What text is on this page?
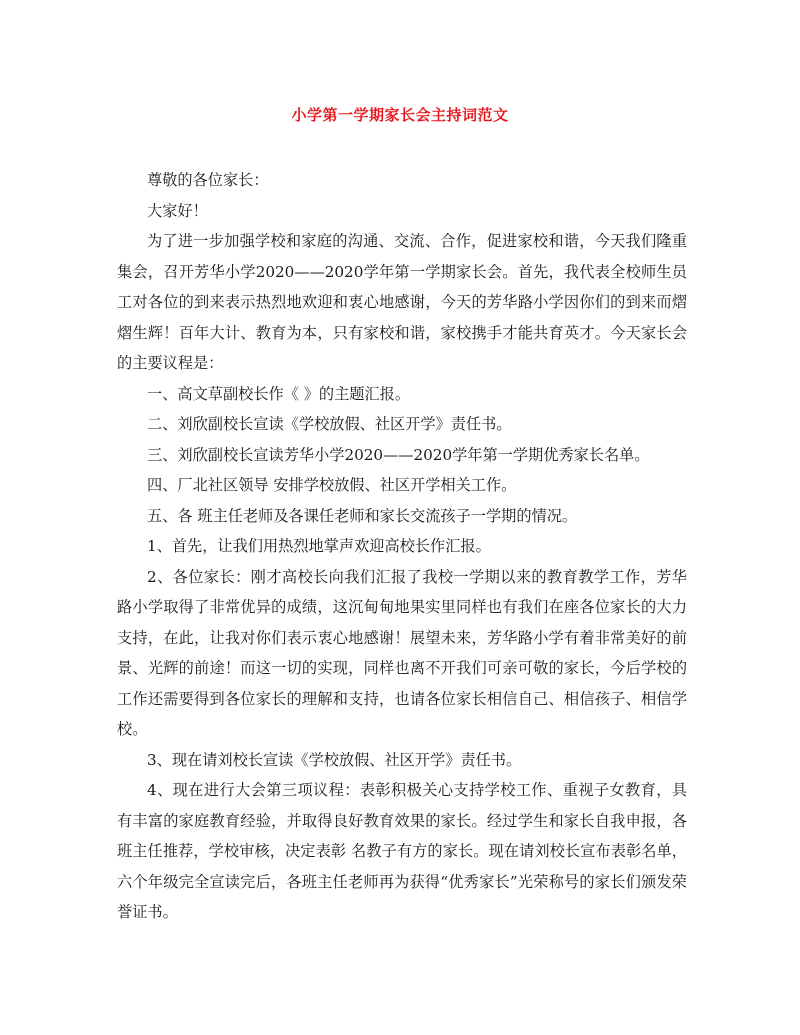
小学第一学期家长会主持词范文

尊敬的各位家长：

大家好！

为了进一步加强学校和家庭的沟通、交流、合作，促进家校和谐，今天我们隆重集会，召开芳华小学2020——2020学年第一学期家长会。首先，我代表全校师生员工对各位的到来表示热烈地欢迎和衷心地感谢，今天的芳华路小学因你们的到来而熠熠生辉！百年大计、教育为本，只有家校和谐，家校携手才能共育英才。今天家长会的主要议程是：

一、高文草副校长作《 》的主题汇报。

二、刘欣副校长宣读《学校放假、社区开学》责任书。

三、刘欣副校长宣读芳华小学2020——2020学年第一学期优秀家长名单。

四、厂北社区领导 安排学校放假、社区开学相关工作。

五、各 班主任老师及各课任老师和家长交流孩子一学期的情况。

1、首先，让我们用热烈地掌声欢迎高校长作汇报。

2、各位家长：刚才高校长向我们汇报了我校一学期以来的教育教学工作，芳华路小学取得了非常优异的成绩，这沉甸甸地果实里同样也有我们在座各位家长的大力支持，在此，让我对你们表示衷心地感谢！展望未来，芳华路小学有着非常美好的前景、光辉的前途！而这一切的实现，同样也离不开我们可亲可敬的家长，今后学校的工作还需要得到各位家长的理解和支持，也请各位家长相信自己、相信孩子、相信学校。

3、现在请刘校长宣读《学校放假、社区开学》责任书。

4、现在进行大会第三项议程：表彰积极关心支持学校工作、重视子女教育，具有丰富的家庭教育经验，并取得良好教育效果的家长。经过学生和家长自我申报，各班主任推荐，学校审核，决定表彰 名教子有方的家长。现在请刘校长宣布表彰名单，六个年级完全宣读完后，各班主任老师再为获得“优秀家长”光荣称号的家长们颁发荣誉证书。
